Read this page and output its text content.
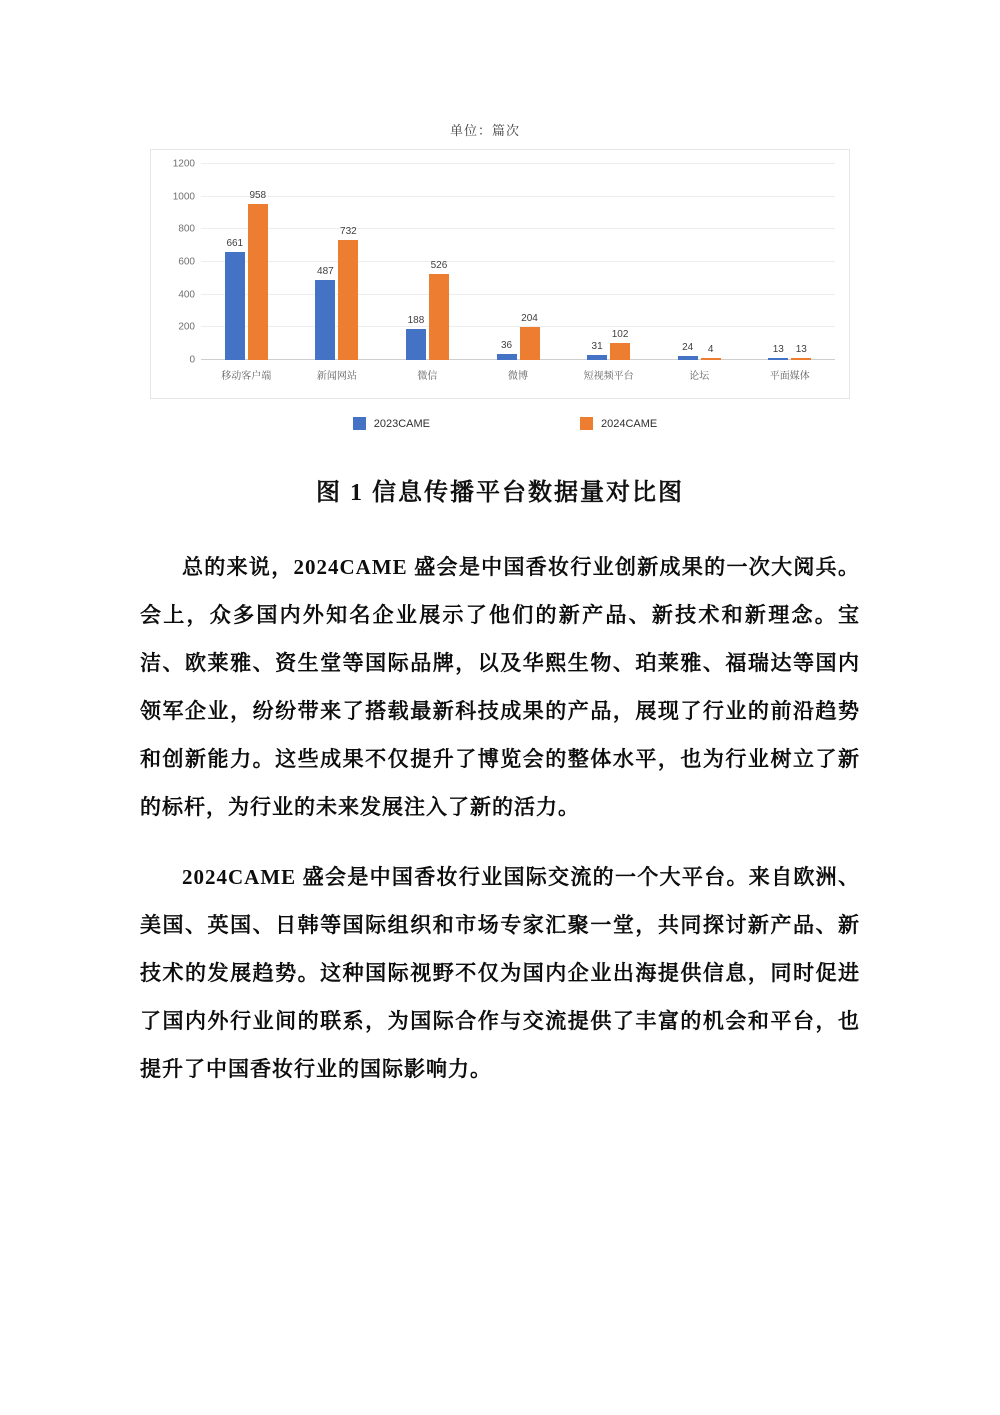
单位：篇次
0
200
400
600
800
1000
1200
661
958
移动客户端
487
732
新闻网站
188
526
微信
36
204
微博
31
102
短视频平台
24 4
论坛
13 13
平面媒体
2023CAME	2024CAME
图 1 信息传播平台数据量对比图

总的来说，2024CAME 盛会是中国香妆行业创新成果的一次大阅兵。会上，众多国内外知名企业展示了他们的新产品、新技术和新理念。宝洁、欧莱雅、资生堂等国际品牌，以及华熙生物、珀莱雅、福瑞达等国内领军企业，纷纷带来了搭载最新科技成果的产品，展现了行业的前沿趋势和创新能力。这些成果不仅提升了博览会的整体水平，也为行业树立了新的标杆，为行业的未来发展注入了新的活力。

2024CAME 盛会是中国香妆行业国际交流的一个大平台。来自欧洲、美国、英国、日韩等国际组织和市场专家汇聚一堂，共同探讨新产品、新技术的发展趋势。这种国际视野不仅为国内企业出海提供信息，同时促进了国内外行业间的联系，为国际合作与交流提供了丰富的机会和平台，也提升了中国香妆行业的国际影响力。
